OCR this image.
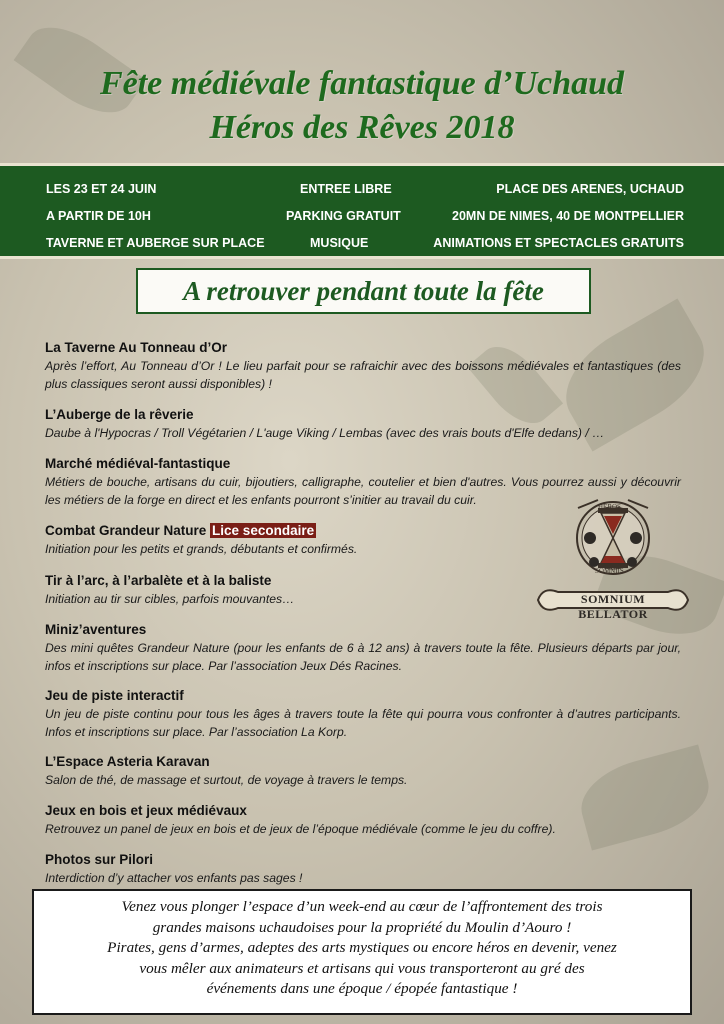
Fête médiévale fantastique d’Uchaud
Héros des Rêves 2018
LES 23 ET 24 JUIN	ENTREE LIBRE	PLACE DES ARENES, UCHAUD
A PARTIR DE 10H	PARKING GRATUIT	20MN DE NIMES, 40 DE MONTPELLIER
TAVERNE ET AUBERGE SUR PLACE	MUSIQUE	ANIMATIONS ET SPECTACLES GRATUITS
A retrouver pendant toute la fête
La Taverne Au Tonneau d’Or
Après l’effort, Au Tonneau d’Or ! Le lieu parfait pour se rafraichir avec des boissons médiévales et fantastiques (des plus classiques seront aussi disponibles) !
L’Auberge de la rêverie
Daube à l'Hypocras / Troll Végétarien / L'auge Viking / Lembas (avec des vrais bouts d'Elfe dedans) / …
Marché médiéval-fantastique
Métiers de bouche, artisans du cuir, bijoutiers, calligraphe, coutelier et bien d'autres. Vous pourrez aussi y découvrir les métiers de la forge en direct et les enfants pourront s’initier au travail du cuir.
Combat Grandeur Nature Lice secondaire
Initiation pour les petits et grands, débutants et confirmés.
Tir à l’arc, à l’arbalète et à la baliste
Initiation au tir sur cibles, parfois mouvantes…
Miniz’aventures
Des mini quêtes Grandeur Nature (pour les enfants de 6 à 12 ans) à travers toute la fête. Plusieurs départs par jour, infos et inscriptions sur place. Par l’association Jeux Dés Racines.
Jeu de piste interactif
Un jeu de piste continu pour tous les âges à travers toute la fête qui pourra vous confronter à d’autres participants. Infos et inscriptions sur place. Par l’association La Korp.
L’Espace Asteria Karavan
Salon de thé, de massage et surtout, de voyage à travers le temps.
Jeux en bois et jeux médiévaux
Retrouvez un panel de jeux en bois et de jeux de l’époque médiévale (comme le jeu du coffre).
Photos sur Pilori
Interdiction d’y attacher vos enfants pas sages !
HEROS
SOMNIIS
SOMNIUM BELLATOR
Venez vous plonger l’espace d’un week-end au cœur de l’affrontement des trois
grandes maisons uchaudoises pour la propriété du Moulin d’Aouro !
Pirates, gens d’armes, adeptes des arts mystiques ou encore héros en devenir, venez
vous mêler aux animateurs et artisans qui vous transporteront au gré des
événements dans une époque / épopée fantastique !
